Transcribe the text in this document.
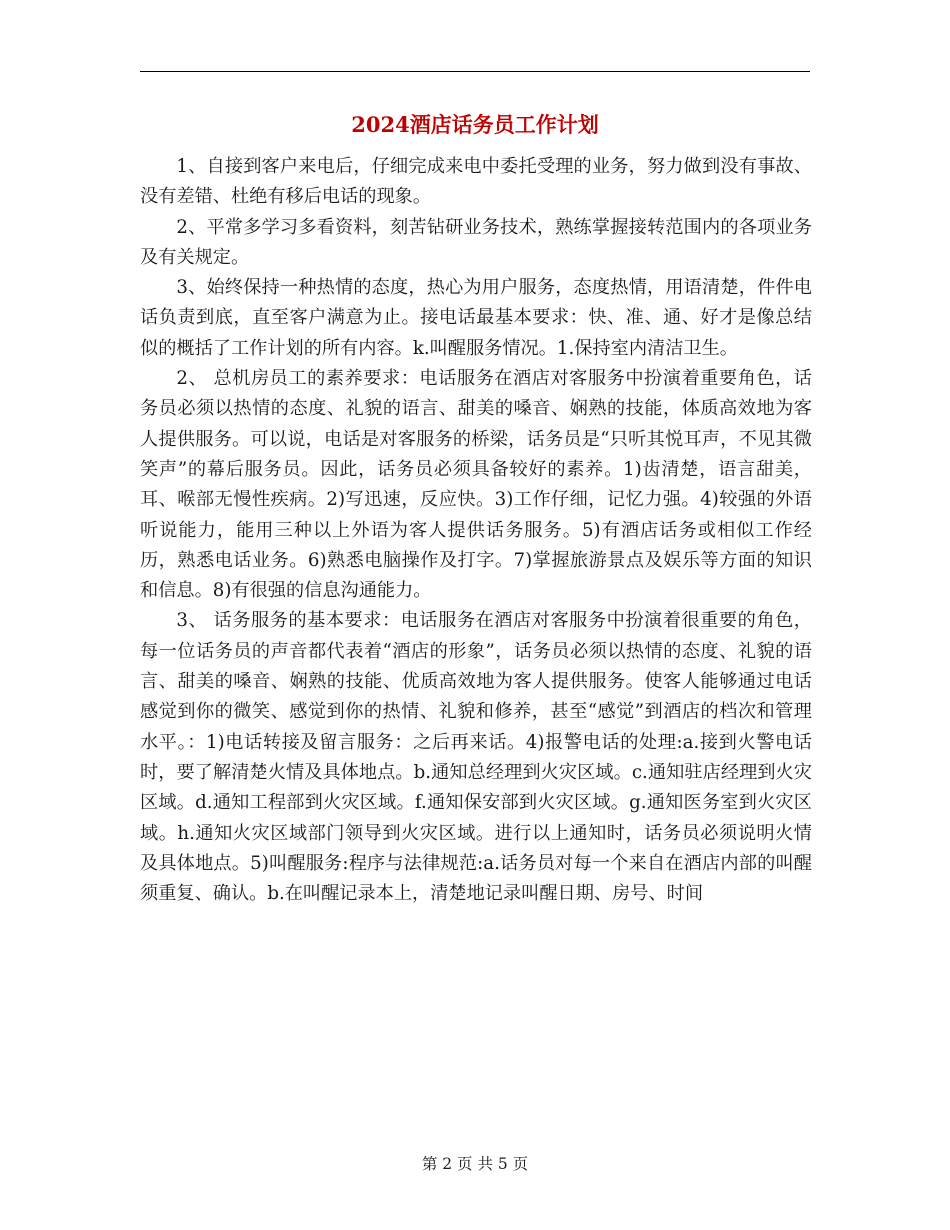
2024酒店话务员工作计划

1、自接到客户来电后，仔细完成来电中委托受理的业务，努力做到没有事故、没有差错、杜绝有移后电话的现象。

2、平常多学习多看资料，刻苦钻研业务技术，熟练掌握接转范围内的各项业务及有关规定。

3、始终保持一种热情的态度，热心为用户服务，态度热情，用语清楚，件件电话负责到底，直至客户满意为止。接电话最基本要求：快、准、通、好才是像总结似的概括了工作计划的所有内容。k.叫醒服务情况。1.保持室内清洁卫生。

2、 总机房员工的素养要求：电话服务在酒店对客服务中扮演着重要角色，话务员必须以热情的态度、礼貌的语言、甜美的嗓音、娴熟的技能，体质高效地为客人提供服务。可以说，电话是对客服务的桥梁，话务员是“只听其悦耳声，不见其微笑声”的幕后服务员。因此，话务员必须具备较好的素养。1)齿清楚，语言甜美，耳、喉部无慢性疾病。2)写迅速，反应快。3)工作仔细，记忆力强。4)较强的外语听说能力，能用三种以上外语为客人提供话务服务。5)有酒店话务或相似工作经历，熟悉电话业务。6)熟悉电脑操作及打字。7)掌握旅游景点及娱乐等方面的知识和信息。8)有很强的信息沟通能力。

3、 话务服务的基本要求：电话服务在酒店对客服务中扮演着很重要的角色，每一位话务员的声音都代表着“酒店的形象”，话务员必须以热情的态度、礼貌的语言、甜美的嗓音、娴熟的技能、优质高效地为客人提供服务。使客人能够通过电话感觉到你的微笑、感觉到你的热情、礼貌和修养，甚至“感觉”到酒店的档次和管理水平。：1)电话转接及留言服务：之后再来话。4)报警电话的处理:a.接到火警电话时，要了解清楚火情及具体地点。b.通知总经理到火灾区域。c.通知驻店经理到火灾区域。d.通知工程部到火灾区域。f.通知保安部到火灾区域。g.通知医务室到火灾区域。h.通知火灾区域部门领导到火灾区域。进行以上通知时，话务员必须说明火情及具体地点。5)叫醒服务:程序与法律规范:a.话务员对每一个来自在酒店内部的叫醒须重复、确认。b.在叫醒记录本上，清楚地记录叫醒日期、房号、时间

第 2 页 共 5 页
